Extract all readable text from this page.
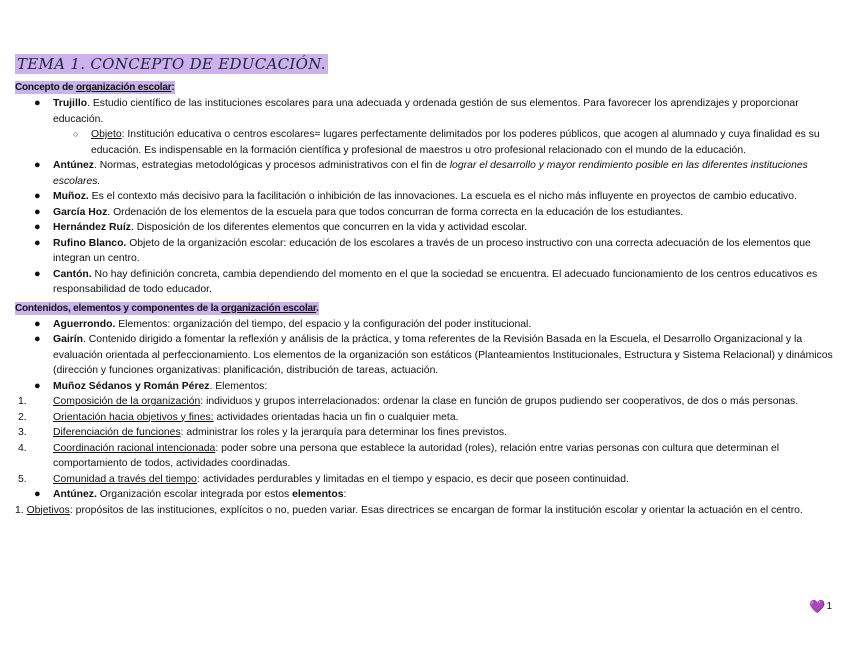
TEMA 1. CONCEPTO DE EDUCACIÓN.
Concepto de organización escolar:
● Trujillo. Estudio científico de las instituciones escolares para una adecuada y ordenada gestión de sus elementos. Para favorecer los aprendizajes y proporcionar educación.
○ Objeto: Institución educativa o centros escolares= lugares perfectamente delimitados por los poderes públicos, que acogen al alumnado y cuya finalidad es su educación. Es indispensable en la formación científica y profesional de maestros u otro profesional relacionado con el mundo de la educación.
● Antúnez. Normas, estrategias metodológicas y procesos administrativos con el fin de lograr el desarrollo y mayor rendimiento posible en las diferentes instituciones escolares.
● Muñoz. Es el contexto más decisivo para la facilitación o inhibición de las innovaciones. La escuela es el nicho más influyente en proyectos de cambio educativo.
● García Hoz. Ordenación de los elementos de la escuela para que todos concurran de forma correcta en la educación de los estudiantes.
● Hernández Ruíz. Disposición de los diferentes elementos que concurren en la vida y actividad escolar.
● Rufino Blanco. Objeto de la organización escolar: educación de los escolares a través de un proceso instructivo con una correcta adecuación de los elementos que integran un centro.
● Cantón. No hay definición concreta, cambia dependiendo del momento en el que la sociedad se encuentra. El adecuado funcionamiento de los centros educativos es responsabilidad de todo educador.
Contenidos, elementos y componentes de la organización escolar.
● Aguerrondo. Elementos: organización del tiempo, del espacio y la configuración del poder institucional.
● Gairín. Contenido dirigido a fomentar la reflexión y análisis de la práctica, y toma referentes de la Revisión Basada en la Escuela, el Desarrollo Organizacional y la evaluación orientada al perfeccionamiento. Los elementos de la organización son estáticos (Planteamientos Institucionales, Estructura y Sistema Relacional) y dinámicos (dirección y funciones organizativas: planificación, distribución de tareas, actuación.
● Muñoz Sédanos y Román Pérez. Elementos:
1.	Composición de la organización: individuos y grupos interrelacionados: ordenar la clase en función de grupos pudiendo ser cooperativos, de dos o más personas.
2.	Orientación hacia objetivos y fines: actividades orientadas hacia un fin o cualquier meta.
3.	Diferenciación de funciones: administrar los roles y la jerarquía para determinar los fines previstos.
4.	Coordinación racional intencionada: poder sobre una persona que establece la autoridad (roles), relación entre varias personas con cultura que determinan el comportamiento de todos, actividades coordinadas.
5.	Comunidad a través del tiempo: actividades perdurables y limitadas en el tiempo y espacio, es decir que poseen continuidad.
● Antúnez. Organización escolar integrada por estos elementos:
1. Objetivos: propósitos de las instituciones, explícitos o no, pueden variar. Esas directrices se encargan de formar la institución escolar y orientar la actuación en el centro.
💜 1
